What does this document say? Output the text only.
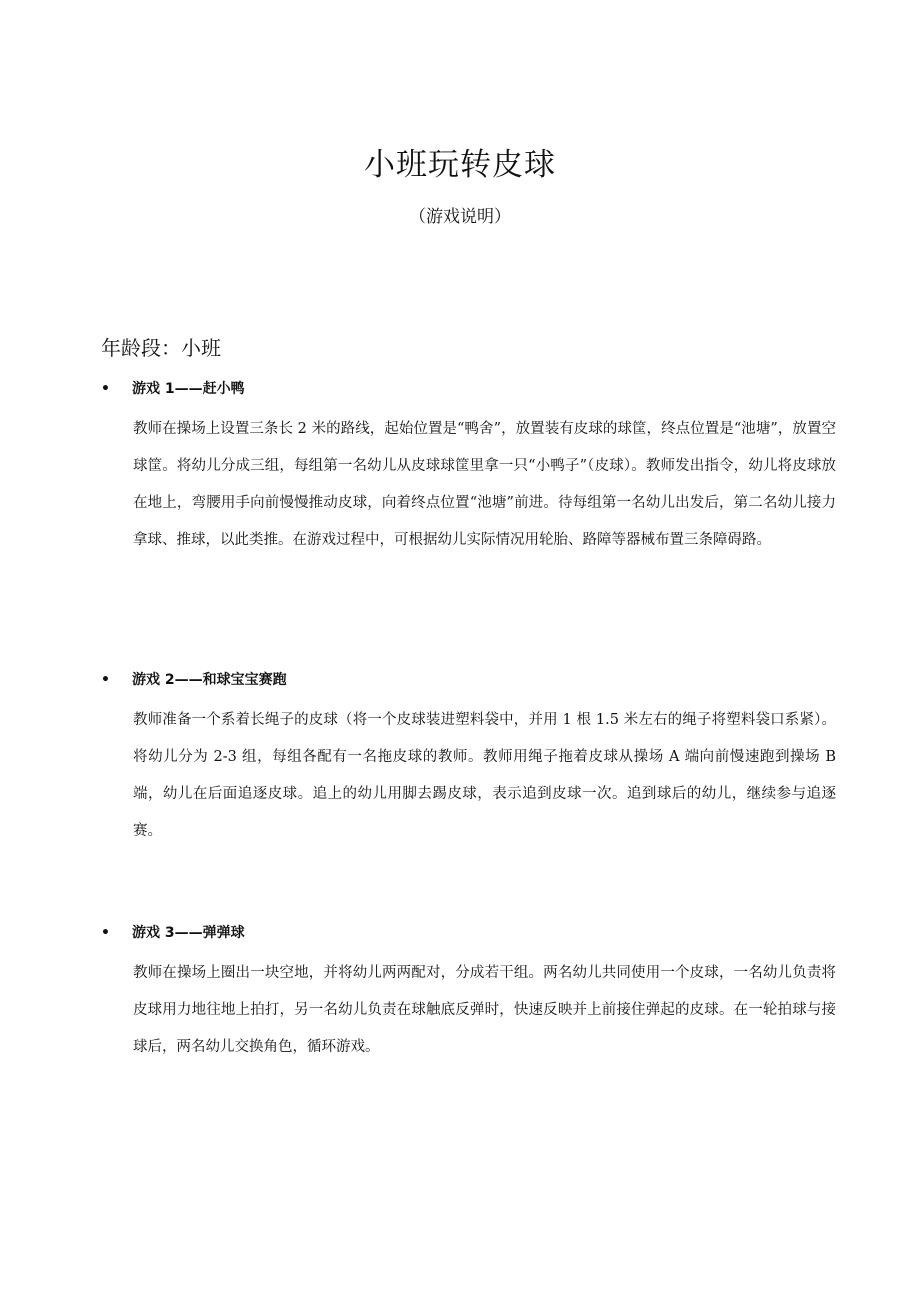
小班玩转皮球
（游戏说明）
年龄段：小班
• 游戏 1——赶小鸭
教师在操场上设置三条长 2 米的路线，起始位置是“鸭舍”，放置装有皮球的球筐，终点位置是“池塘”，放置空球筐。将幼儿分成三组，每组第一名幼儿从皮球球筐里拿一只“小鸭子”（皮球）。教师发出指令，幼儿将皮球放在地上，弯腰用手向前慢慢推动皮球，向着终点位置“池塘”前进。待每组第一名幼儿出发后，第二名幼儿接力拿球、推球，以此类推。在游戏过程中，可根据幼儿实际情况用轮胎、路障等器械布置三条障碍路。
• 游戏 2——和球宝宝赛跑
教师准备一个系着长绳子的皮球（将一个皮球装进塑料袋中，并用 1 根 1.5 米左右的绳子将塑料袋口系紧）。将幼儿分为 2-3 组，每组各配有一名拖皮球的教师。教师用绳子拖着皮球从操场 A 端向前慢速跑到操场 B 端，幼儿在后面追逐皮球。追上的幼儿用脚去踢皮球，表示追到皮球一次。追到球后的幼儿，继续参与追逐赛。
• 游戏 3——弹弹球
教师在操场上圈出一块空地，并将幼儿两两配对，分成若干组。两名幼儿共同使用一个皮球，一名幼儿负责将皮球用力地往地上拍打，另一名幼儿负责在球触底反弹时，快速反映并上前接住弹起的皮球。在一轮拍球与接球后，两名幼儿交换角色，循环游戏。
